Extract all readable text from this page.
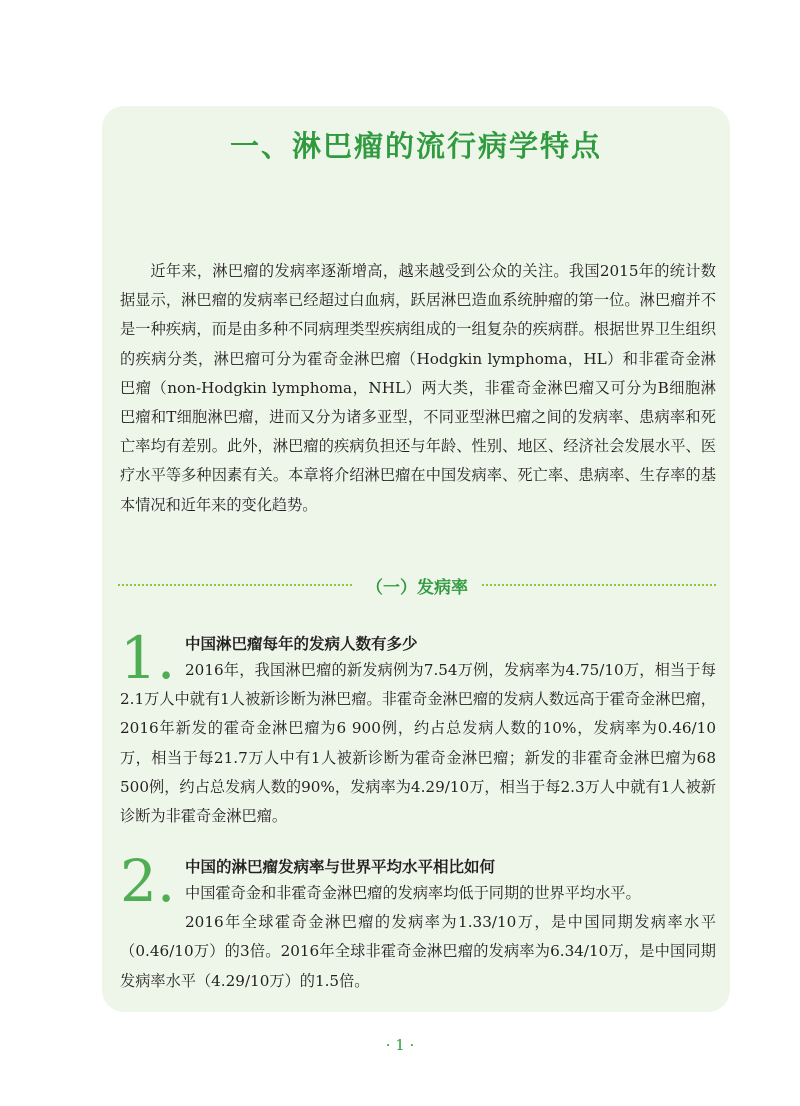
一、淋巴瘤的流行病学特点

近年来，淋巴瘤的发病率逐渐增高，越来越受到公众的关注。我国2015年的统计数据显示，淋巴瘤的发病率已经超过白血病，跃居淋巴造血系统肿瘤的第一位。淋巴瘤并不是一种疾病，而是由多种不同病理类型疾病组成的一组复杂的疾病群。根据世界卫生组织的疾病分类，淋巴瘤可分为霍奇金淋巴瘤（Hodgkin lymphoma，HL）和非霍奇金淋巴瘤（non-Hodgkin lymphoma，NHL）两大类，非霍奇金淋巴瘤又可分为B细胞淋巴瘤和T细胞淋巴瘤，进而又分为诸多亚型，不同亚型淋巴瘤之间的发病率、患病率和死亡率均有差别。此外，淋巴瘤的疾病负担还与年龄、性别、地区、经济社会发展水平、医疗水平等多种因素有关。本章将介绍淋巴瘤在中国发病率、死亡率、患病率、生存率的基本情况和近年来的变化趋势。

（一）发病率
1. 中国淋巴瘤每年的发病人数有多少

2016年，我国淋巴瘤的新发病例为7.54万例，发病率为4.75/10万，相当于每2.1万人中就有1人被新诊断为淋巴瘤。非霍奇金淋巴瘤的发病人数远高于霍奇金淋巴瘤，2016年新发的霍奇金淋巴瘤为6 900例，约占总发病人数的10%，发病率为0.46/10万，相当于每21.7万人中有1人被新诊断为霍奇金淋巴瘤；新发的非霍奇金淋巴瘤为68 500例，约占总发病人数的90%，发病率为4.29/10万，相当于每2.3万人中就有1人被新诊断为非霍奇金淋巴瘤。

2. 中国的淋巴瘤发病率与世界平均水平相比如何

中国霍奇金和非霍奇金淋巴瘤的发病率均低于同期的世界平均水平。

2016年全球霍奇金淋巴瘤的发病率为1.33/10万，是中国同期发病率水平（0.46/10万）的3倍。2016年全球非霍奇金淋巴瘤的发病率为6.34/10万，是中国同期发病率水平（4.29/10万）的1.5倍。

· 1 ·
